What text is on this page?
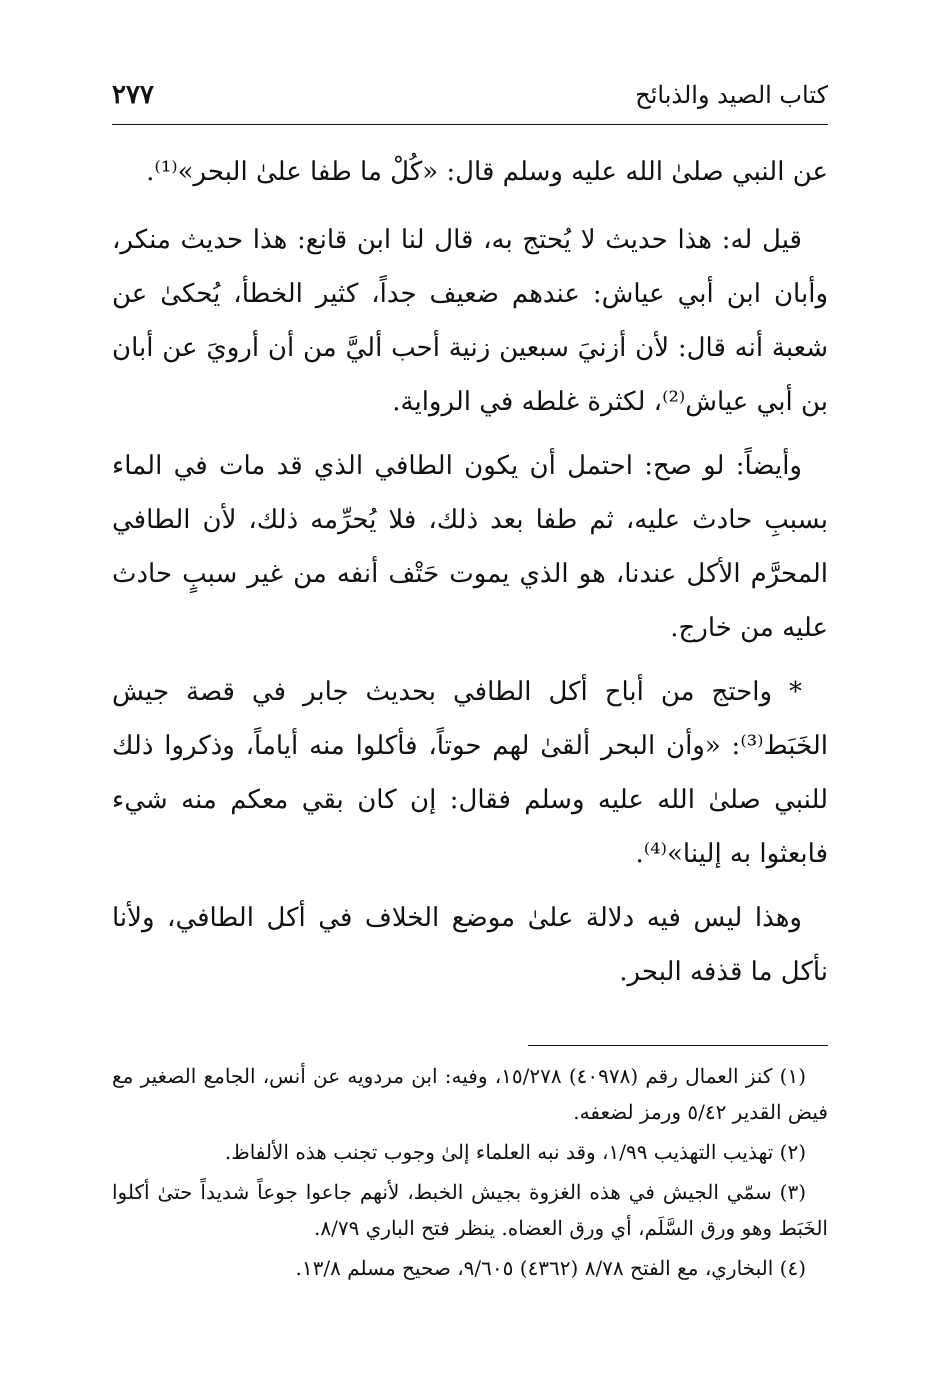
كتاب الصيد والذبائح
٢٧٧

عن النبي صلىٰ الله عليه وسلم قال: «كُلْ ما طفا علىٰ البحر»⁽¹⁾.

قيل له: هذا حديث لا يُحتج به، قال لنا ابن قانع: هذا حديث منكر، وأبان ابن أبي عياش: عندهم ضعيف جداً، كثير الخطأ، يُحكىٰ عن شعبة أنه قال: لأن أزنيَ سبعين زنية أحب أليَّ من أن أرويَ عن أبان بن أبي عياش⁽²⁾، لكثرة غلطه في الرواية.

وأيضاً: لو صح: احتمل أن يكون الطافي الذي قد مات في الماء بسببِ حادث عليه، ثم طفا بعد ذلك، فلا يُحرِّمه ذلك، لأن الطافي المحرَّم الأكل عندنا، هو الذي يموت حَتْف أنفه من غير سببٍ حادث عليه من خارج.

* واحتج من أباح أكل الطافي بحديث جابر في قصة جيش الخَبَط⁽³⁾: «وأن البحر ألقىٰ لهم حوتاً، فأكلوا منه أياماً، وذكروا ذلك للنبي صلىٰ الله عليه وسلم فقال: إن كان بقي معكم منه شيء فابعثوا به إلينا»⁽⁴⁾.

وهذا ليس فيه دلالة علىٰ موضع الخلاف في أكل الطافي، ولأنا نأكل ما قذفه البحر.

(١) كنز العمال رقم (٤٠٩٧٨) ١٥/٢٧٨، وفيه: ابن مردويه عن أنس، الجامع الصغير مع فيض القدير ٥/٤٢ ورمز لضعفه.

(٢) تهذيب التهذيب ١/٩٩، وقد نبه العلماء إلىٰ وجوب تجنب هذه الألفاظ.

(٣) سمّي الجيش في هذه الغزوة بجيش الخبط، لأنهم جاعوا جوعاً شديداً حتىٰ أكلوا الخَبَط وهو ورق السَّلَم، أي ورق العضاه. ينظر فتح الباري ٨/٧٩.

(٤) البخاري، مع الفتح ٨/٧٨ (٤٣٦٢) ٩/٦٠٥، صحيح مسلم ١٣/٨.
